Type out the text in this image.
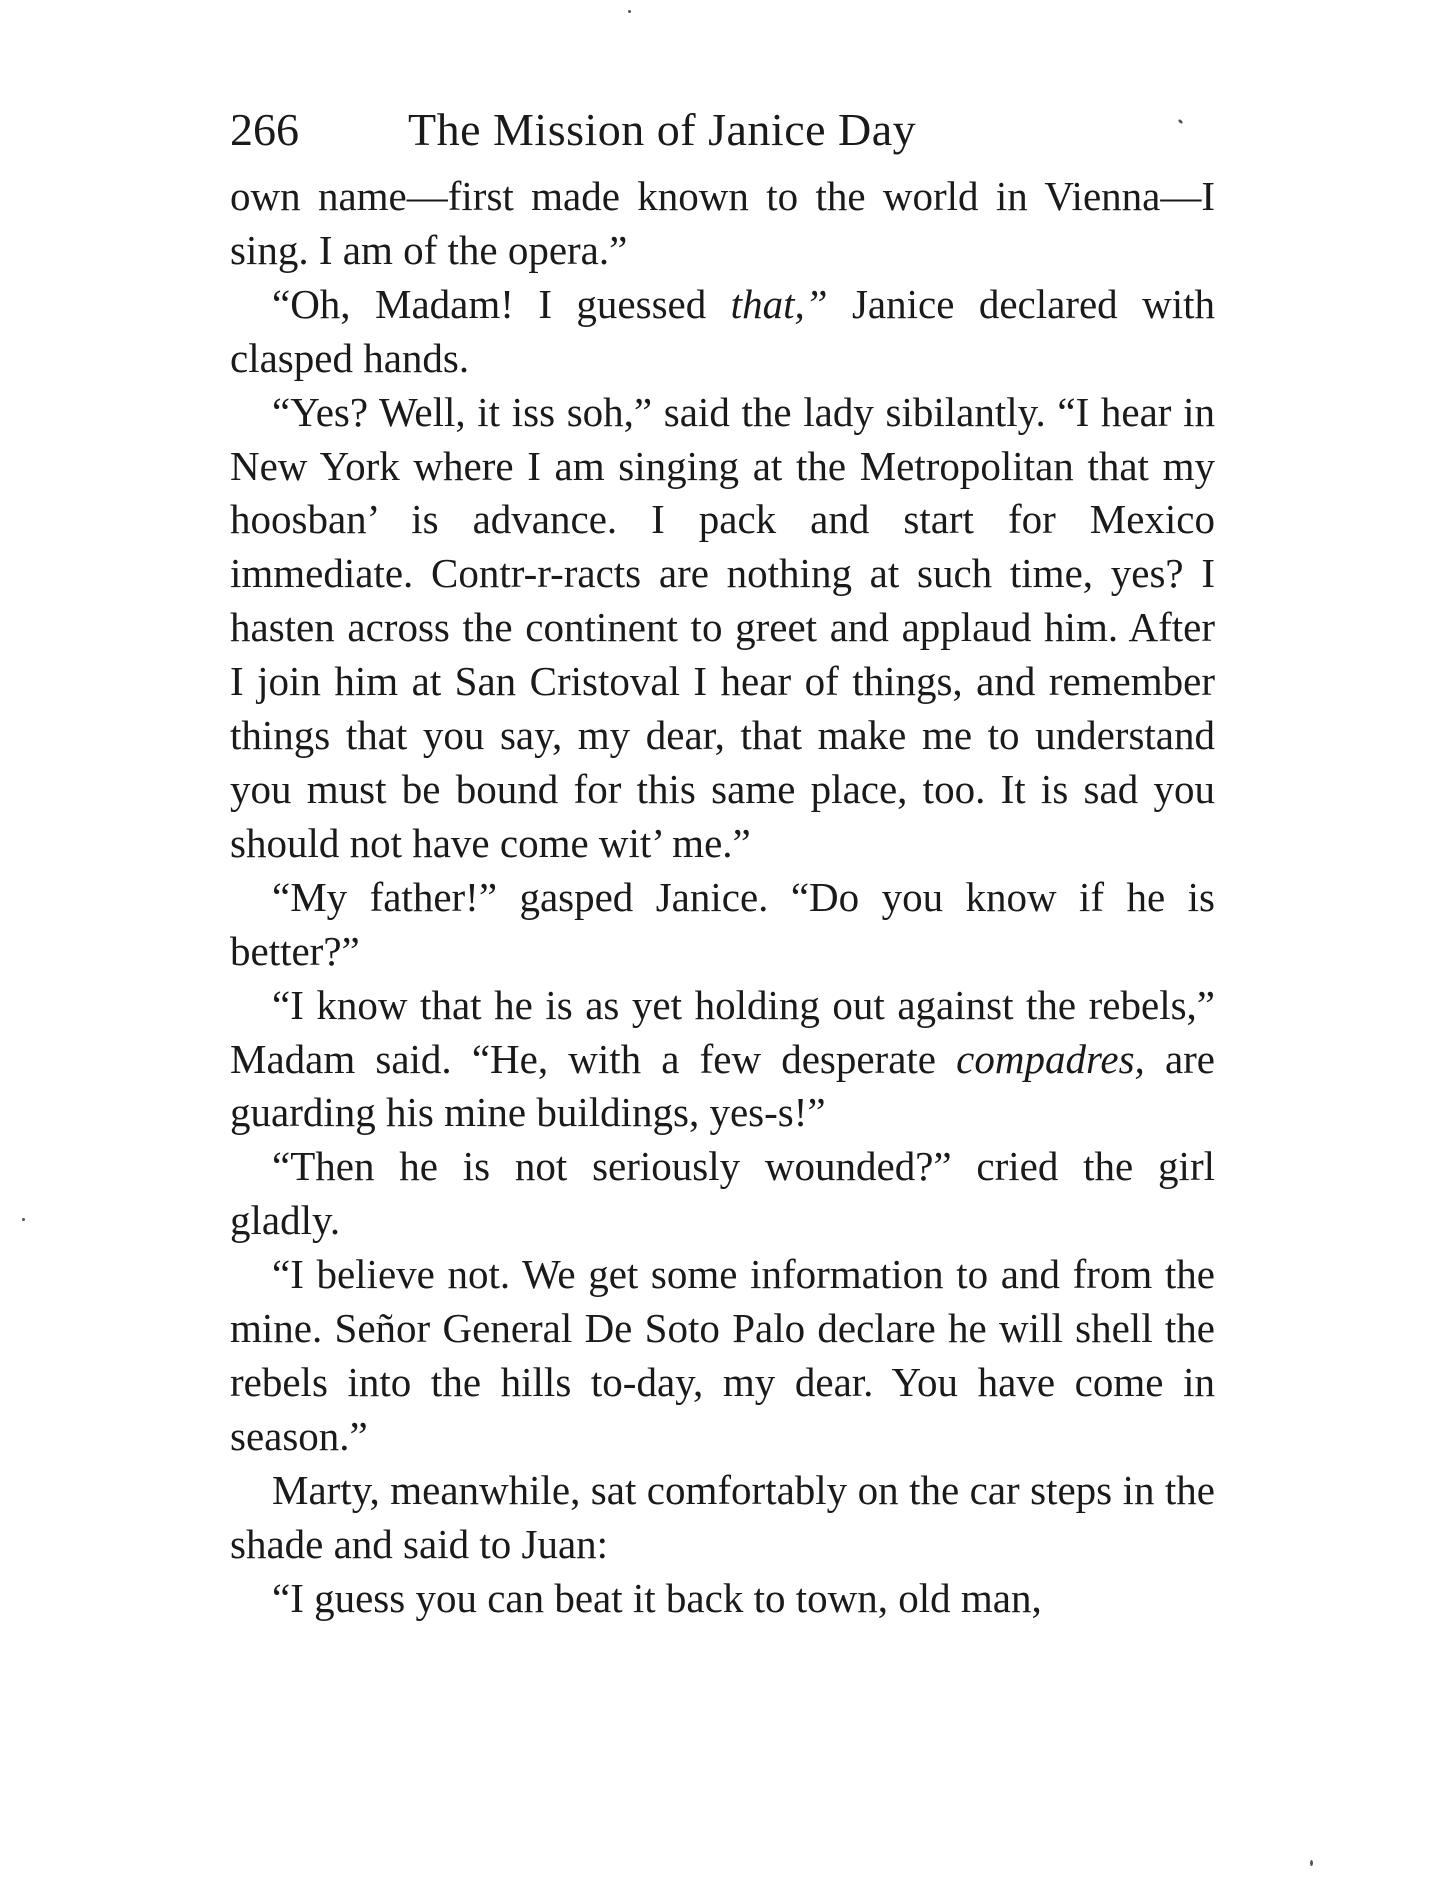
266 The Mission of Janice Day

own name—first made known to the world in Vienna—I sing. I am of the opera.”

“Oh, Madam! I guessed that,” Janice declared with clasped hands.

“Yes? Well, it iss soh,” said the lady sibilantly. “I hear in New York where I am singing at the Metropolitan that my hoosban’ is advance. I pack and start for Mexico immediate. Contr-r-racts are nothing at such time, yes? I hasten across the continent to greet and applaud him. After I join him at San Cristoval I hear of things, and remember things that you say, my dear, that make me to understand you must be bound for this same place, too. It is sad you should not have come wit’ me.”

“My father!” gasped Janice. “Do you know if he is better?”

“I know that he is as yet holding out against the rebels,” Madam said. “He, with a few desperate compadres, are guarding his mine buildings, yes-s!”

“Then he is not seriously wounded?” cried the girl gladly.

“I believe not. We get some information to and from the mine. Señor General De Soto Palo declare he will shell the rebels into the hills to-day, my dear. You have come in season.”

Marty, meanwhile, sat comfortably on the car steps in the shade and said to Juan:

“I guess you can beat it back to town, old man,
